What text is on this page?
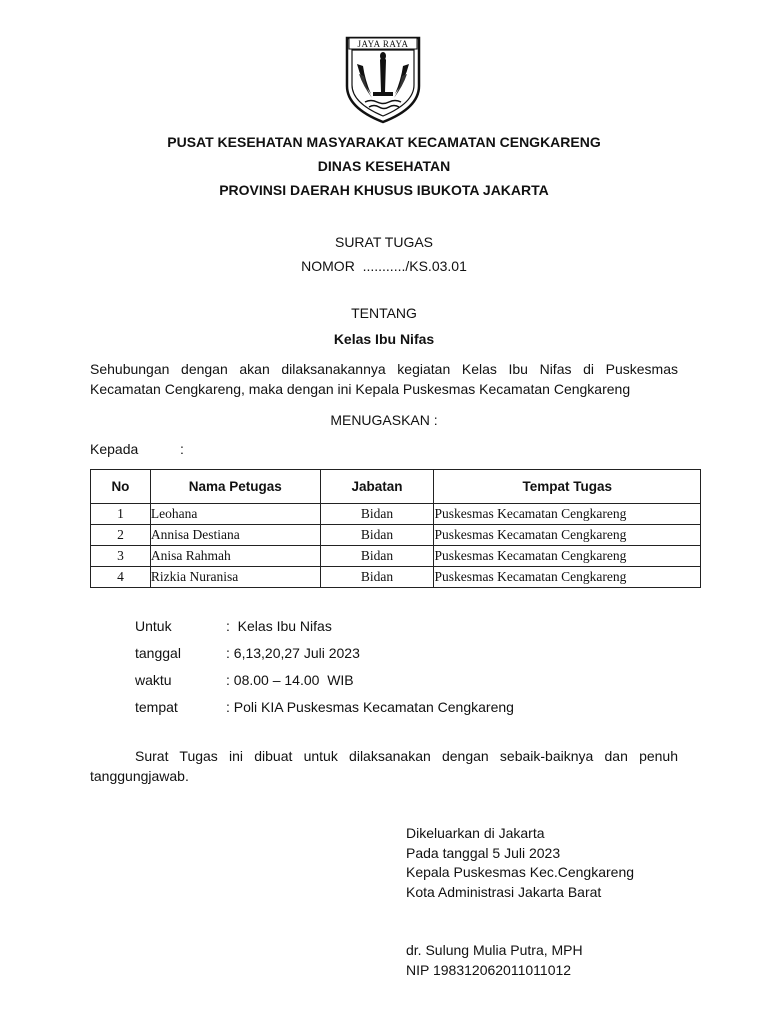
JAYA RAYA
PUSAT KESEHATAN MASYARAKAT KECAMATAN CENGKARENG
DINAS KESEHATAN
PROVINSI DAERAH KHUSUS IBUKOTA JAKARTA
SURAT TUGAS
NOMOR  .........../KS.03.01
TENTANG
Kelas Ibu Nifas
Sehubungan dengan akan dilaksanakannya kegiatan Kelas Ibu Nifas di Puskesmas Kecamatan Cengkareng, maka dengan ini Kepala Puskesmas Kecamatan Cengkareng
MENUGASKAN :
Kepada	:
No	Nama Petugas	Jabatan	Tempat Tugas
1	Leohana	Bidan	Puskesmas Kecamatan Cengkareng
2	Annisa Destiana	Bidan	Puskesmas Kecamatan Cengkareng
3	Anisa Rahmah	Bidan	Puskesmas Kecamatan Cengkareng
4	Rizkia Nuranisa	Bidan	Puskesmas Kecamatan Cengkareng
Untuk	:  Kelas Ibu Nifas
tanggal	: 6,13,20,27 Juli 2023
waktu	: 08.00 – 14.00  WIB
tempat	: Poli KIA Puskesmas Kecamatan Cengkareng
Surat Tugas ini dibuat untuk dilaksanakan dengan sebaik-baiknya dan penuh tanggungjawab.
Dikeluarkan di Jakarta
Pada tanggal 5 Juli 2023
Kepala Puskesmas Kec.Cengkareng
Kota Administrasi Jakarta Barat
dr. Sulung Mulia Putra, MPH
NIP 198312062011011012
